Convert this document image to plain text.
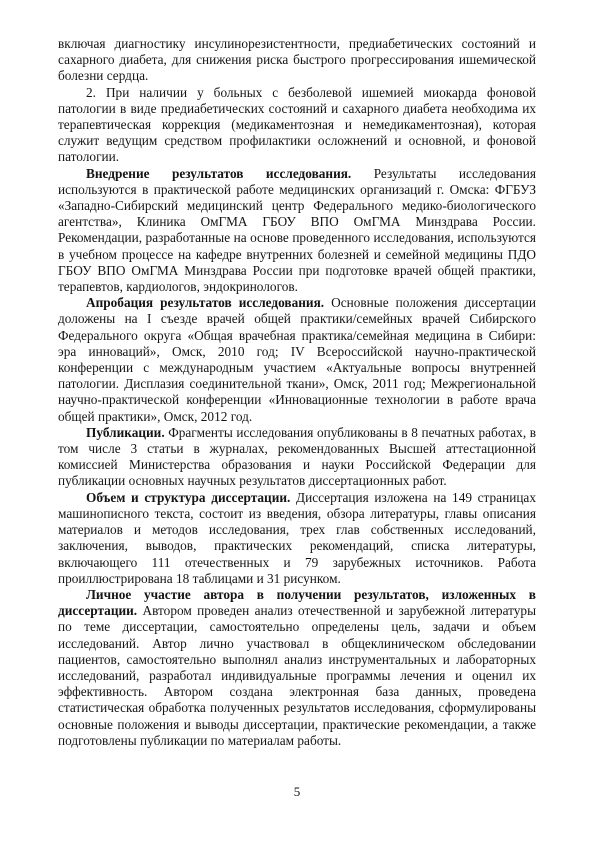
включая диагностику инсулинорезистентности, предиабетических состояний и сахарного диабета, для снижения риска быстрого прогрессирования ишемической болезни сердца.

2. При наличии у больных с безболевой ишемией миокарда фоновой патологии в виде предиабетических состояний и сахарного диабета необходима их терапевтическая коррекция (медикаментозная и немедикаментозная), которая служит ведущим средством профилактики осложнений и основной, и фоновой патологии.

Внедрение результатов исследования. Результаты исследования используются в практической работе медицинских организаций г. Омска: ФГБУЗ «Западно-Сибирский медицинский центр Федерального медико-биологического агентства», Клиника ОмГМА ГБОУ ВПО ОмГМА Минздрава России. Рекомендации, разработанные на основе проведенного исследования, используются в учебном процессе на кафедре внутренних болезней и семейной медицины ПДО ГБОУ ВПО ОмГМА Минздрава России при подготовке врачей общей практики, терапевтов, кардиологов, эндокринологов.

Апробация результатов исследования. Основные положения диссертации доложены на I съезде врачей общей практики/семейных врачей Сибирского Федерального округа «Общая врачебная практика/семейная медицина в Сибири: эра инноваций», Омск, 2010 год; IV Всероссийской научно-практической конференции с международным участием «Актуальные вопросы внутренней патологии. Дисплазия соединительной ткани», Омск, 2011 год; Межрегиональной научно-практической конференции «Инновационные технологии в работе врача общей практики», Омск, 2012 год.

Публикации. Фрагменты исследования опубликованы в 8 печатных работах, в том числе 3 статьи в журналах, рекомендованных Высшей аттестационной комиссией Министерства образования и науки Российской Федерации для публикации основных научных результатов диссертационных работ.

Объем и структура диссертации. Диссертация изложена на 149 страницах машинописного текста, состоит из введения, обзора литературы, главы описания материалов и методов исследования, трех глав собственных исследований, заключения, выводов, практических рекомендаций, списка литературы, включающего 111 отечественных и 79 зарубежных источников. Работа проиллюстрирована 18 таблицами и 31 рисунком.

Личное участие автора в получении результатов, изложенных в диссертации. Автором проведен анализ отечественной и зарубежной литературы по теме диссертации, самостоятельно определены цель, задачи и объем исследований. Автор лично участвовал в общеклиническом обследовании пациентов, самостоятельно выполнял анализ инструментальных и лабораторных исследований, разработал индивидуальные программы лечения и оценил их эффективность. Автором создана электронная база данных, проведена статистическая обработка полученных результатов исследования, сформулированы основные положения и выводы диссертации, практические рекомендации, а также подготовлены публикации по материалам работы.

5
